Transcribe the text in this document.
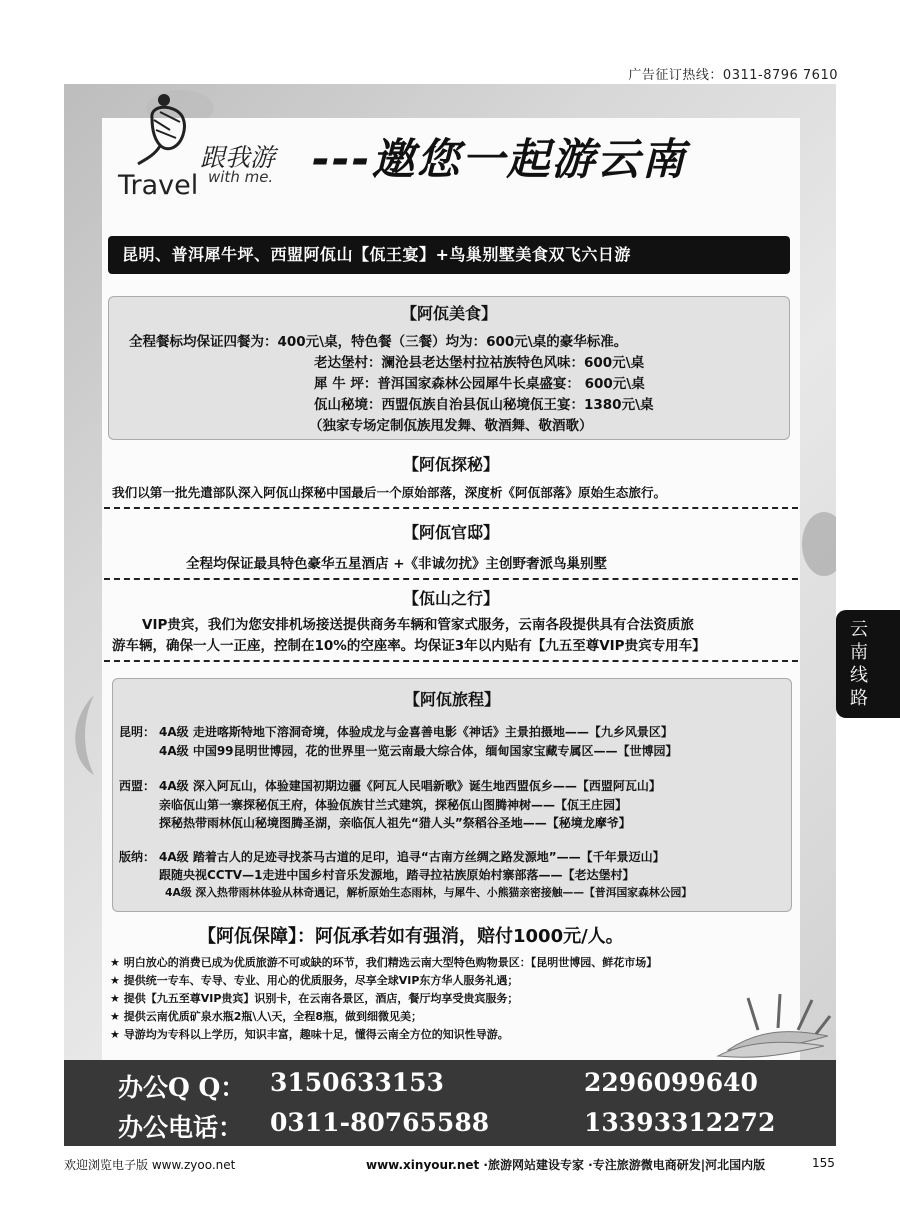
广告征订热线：0311-8796 7610
跟我游
Travel with me. ---邀您一起游云南
昆明、普洱犀牛坪、西盟阿佤山【佤王宴】+鸟巢别墅美食双飞六日游
【阿佤美食】
全程餐标均保证四餐为：400元\桌，特色餐（三餐）均为：600元\桌的豪华标准。
老达堡村：澜沧县老达堡村拉祜族特色风味：600元\桌
犀 牛 坪：普洱国家森林公园犀牛长桌盛宴： 600元\桌
佤山秘境：西盟佤族自治县佤山秘境佤王宴：1380元\桌
（独家专场定制佤族甩发舞、敬酒舞、敬酒歌）
【阿佤探秘】
我们以第一批先遣部队深入阿佤山探秘中国最后一个原始部落，深度析《阿佤部落》原始生态旅行。
【阿佤官邸】
全程均保证最具特色豪华五星酒店 +《非诚勿扰》主创野奢派鸟巢别墅
【佤山之行】
VIP贵宾，我们为您安排机场接送提供商务车辆和管家式服务，云南各段提供具有合法资质旅
游车辆，确保一人一正座，控制在10%的空座率。均保证3年以内贴有【九五至尊VIP贵宾专用车】
【阿佤旅程】
昆明： 4A级 走进喀斯特地下溶洞奇境，体验成龙与金喜善电影《神话》主景拍摄地——【九乡风景区】
4A级 中国99昆明世博园，花的世界里一览云南最大综合体，缅甸国家宝藏专属区——【世博园】
西盟： 4A级 深入阿瓦山，体验建国初期边疆《阿瓦人民唱新歌》诞生地西盟佤乡——【西盟阿瓦山】
亲临佤山第一寨探秘佤王府，体验佤族甘兰式建筑，探秘佤山图腾神树——【佤王庄园】
探秘热带雨林佤山秘境图腾圣湖，亲临佤人祖先“猎人头”祭稻谷圣地——【秘境龙摩爷】
版纳： 4A级 踏着古人的足迹寻找茶马古道的足印，追寻“古南方丝绸之路发源地”——【千年景迈山】
跟随央视CCTV—1走进中国乡村音乐发源地，踏寻拉祜族原始村寨部落——【老达堡村】
4A级 深入热带雨林体验从林奇遇记，解析原始生态雨林，与犀牛、小熊猫亲密接触——【普洱国家森林公园】
【阿佤保障】：阿佤承若如有强消，赔付1000元/人。
★ 明白放心的消费已成为优质旅游不可或缺的环节，我们精选云南大型特色购物景区：【昆明世博园、鲜花市场】
★ 提供统一专车、专导、专业、用心的优质服务，尽享全球VIP东方华人服务礼遇；
★ 提供【九五至尊VIP贵宾】识别卡，在云南各景区，酒店，餐厅均享受贵宾服务；
★ 提供云南优质矿泉水瓶2瓶\人\天，全程8瓶，做到细微见美；
★ 导游均为专科以上学历，知识丰富，趣味十足，懂得云南全方位的知识性导游。
办公Q Q： 3150633153	2296099640
办公电话： 0311-80765588	13393312272
云南线路
欢迎浏览电子版 www.zyoo.net	www.xinyour.net ·旅游网站建设专家 ·专注旅游微电商研发|河北国内版	155
